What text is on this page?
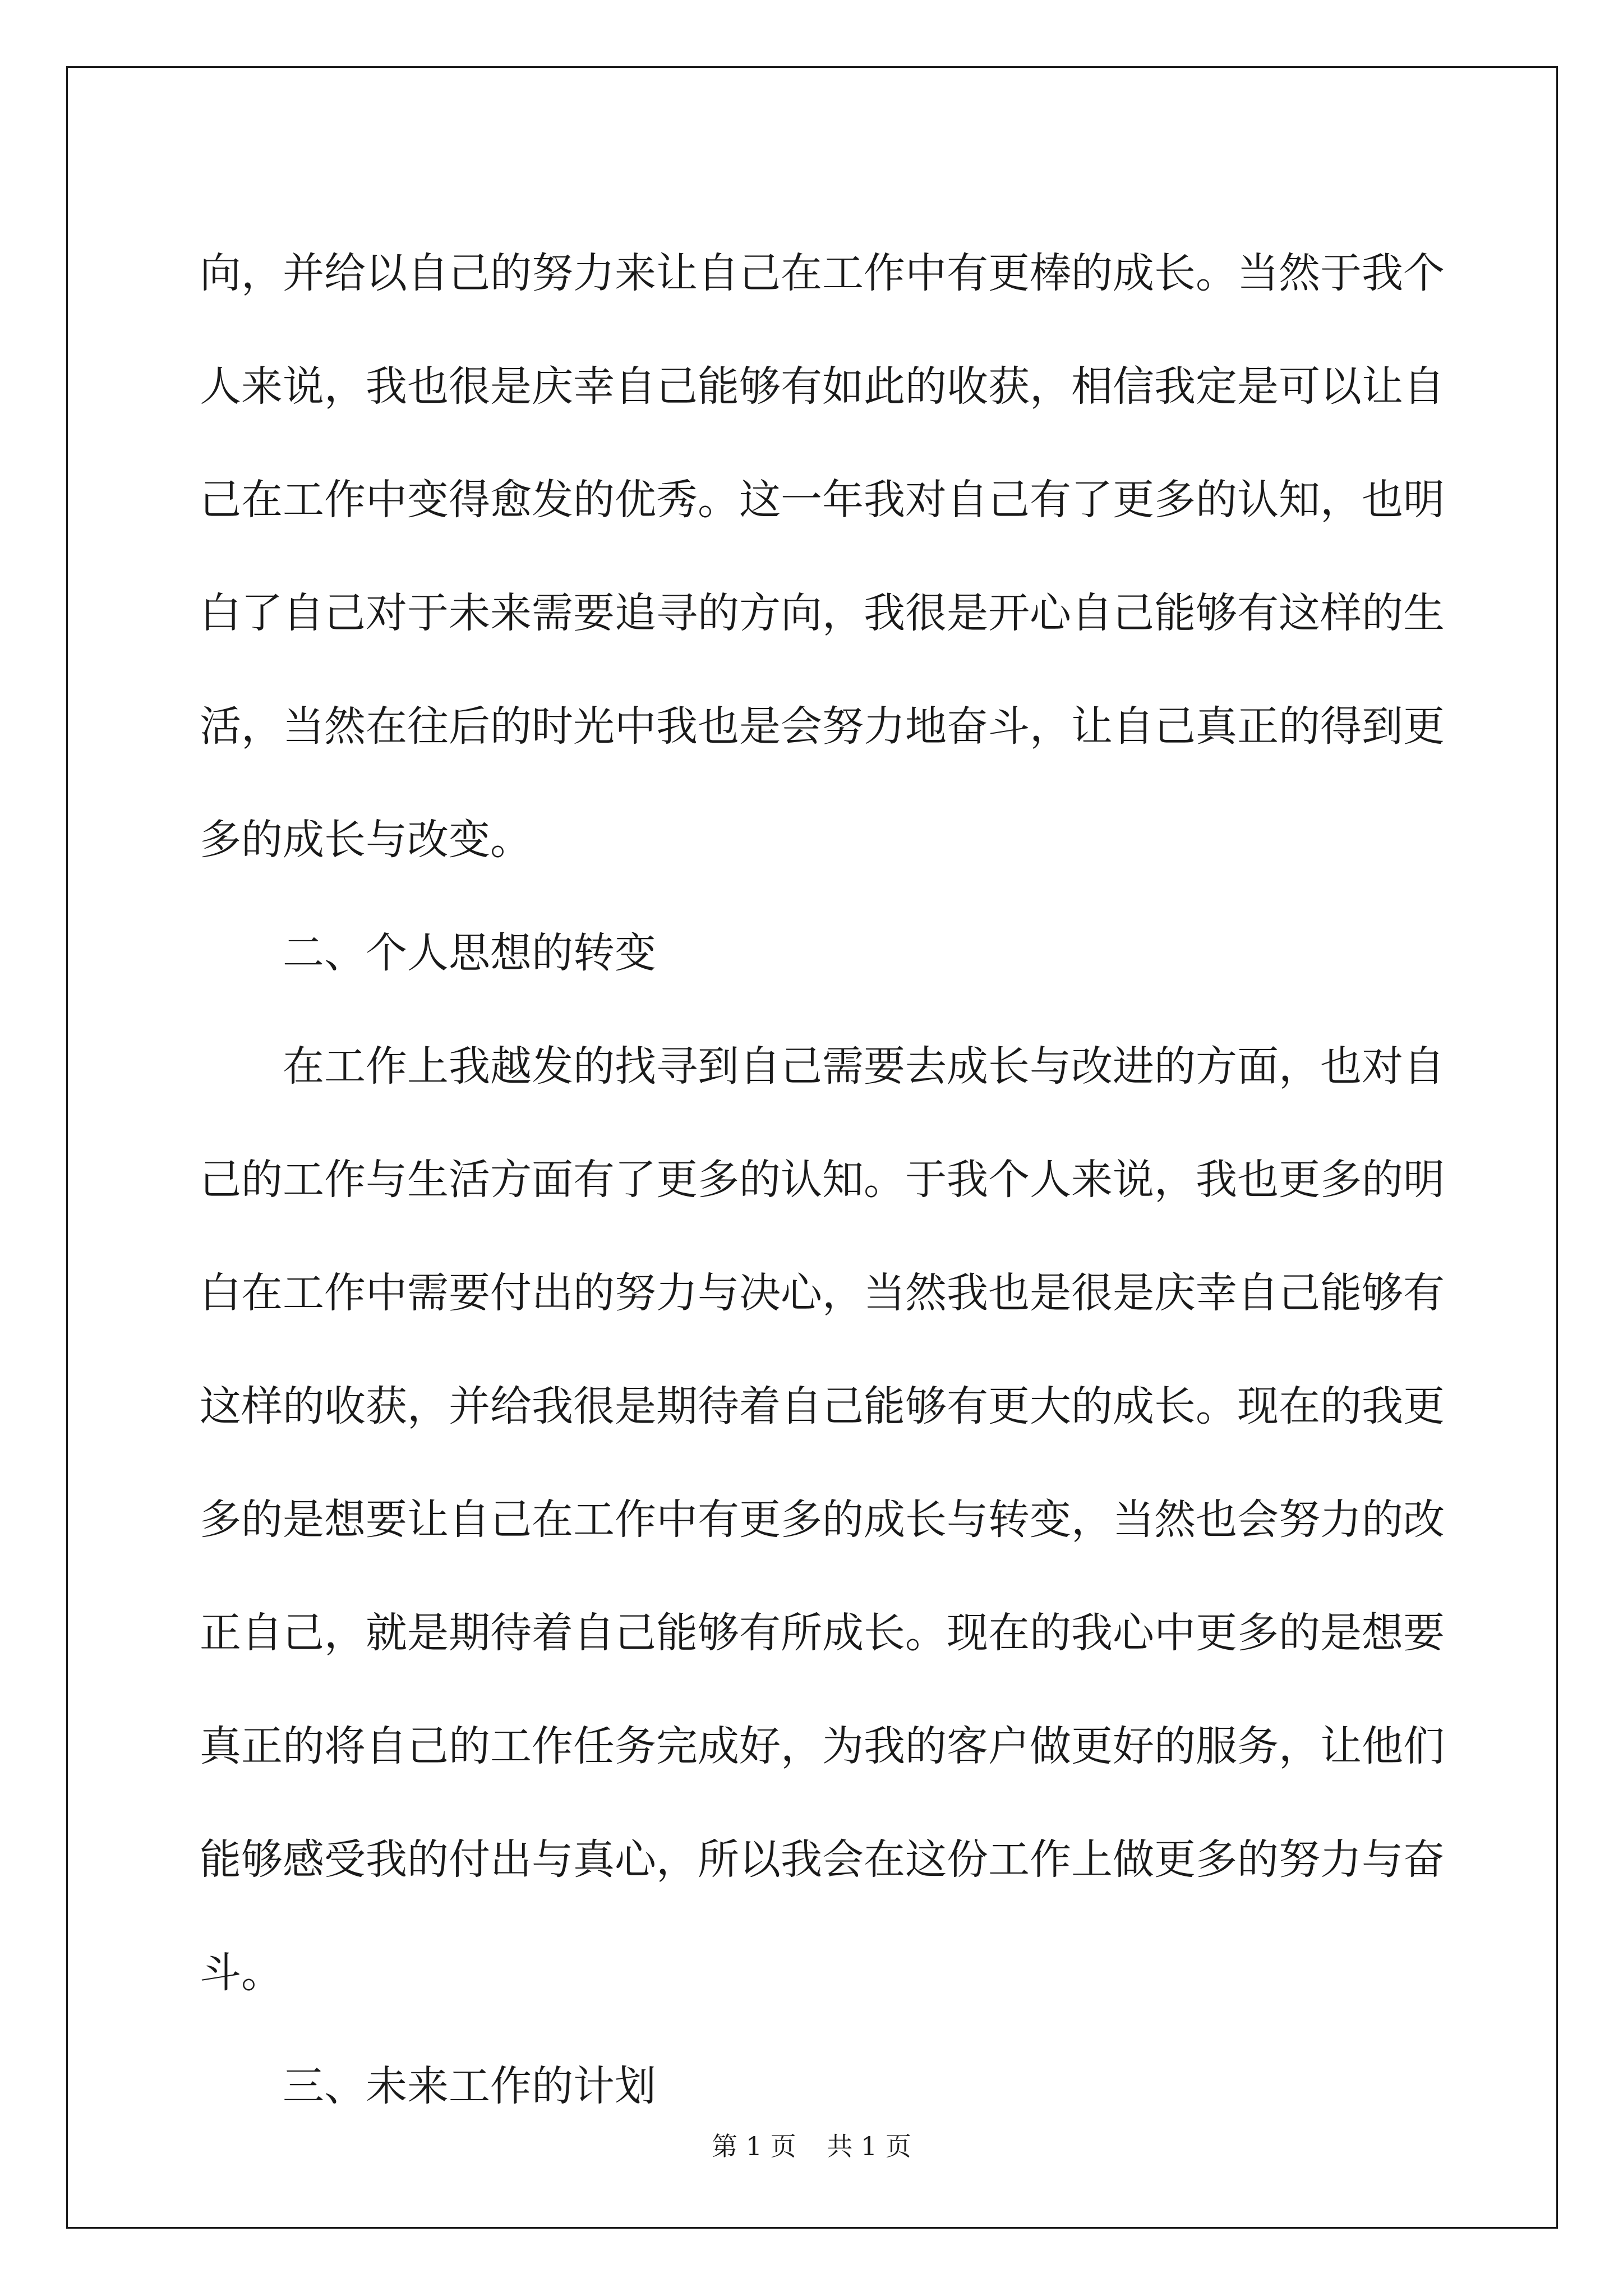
向，并给以自己的努力来让自己在工作中有更棒的成长。当然于我个
人来说，我也很是庆幸自己能够有如此的收获，相信我定是可以让自
己在工作中变得愈发的优秀。这一年我对自己有了更多的认知，也明
白了自己对于未来需要追寻的方向，我很是开心自己能够有这样的生
活，当然在往后的时光中我也是会努力地奋斗，让自己真正的得到更
多的成长与改变。
二、个人思想的转变
在工作上我越发的找寻到自己需要去成长与改进的方面，也对自
己的工作与生活方面有了更多的认知。于我个人来说，我也更多的明
白在工作中需要付出的努力与决心，当然我也是很是庆幸自己能够有
这样的收获，并给我很是期待着自己能够有更大的成长。现在的我更
多的是想要让自己在工作中有更多的成长与转变，当然也会努力的改
正自己，就是期待着自己能够有所成长。现在的我心中更多的是想要
真正的将自己的工作任务完成好，为我的客户做更好的服务，让他们
能够感受我的付出与真心，所以我会在这份工作上做更多的努力与奋
斗。
三、未来工作的计划
第 1 页 共 1 页
